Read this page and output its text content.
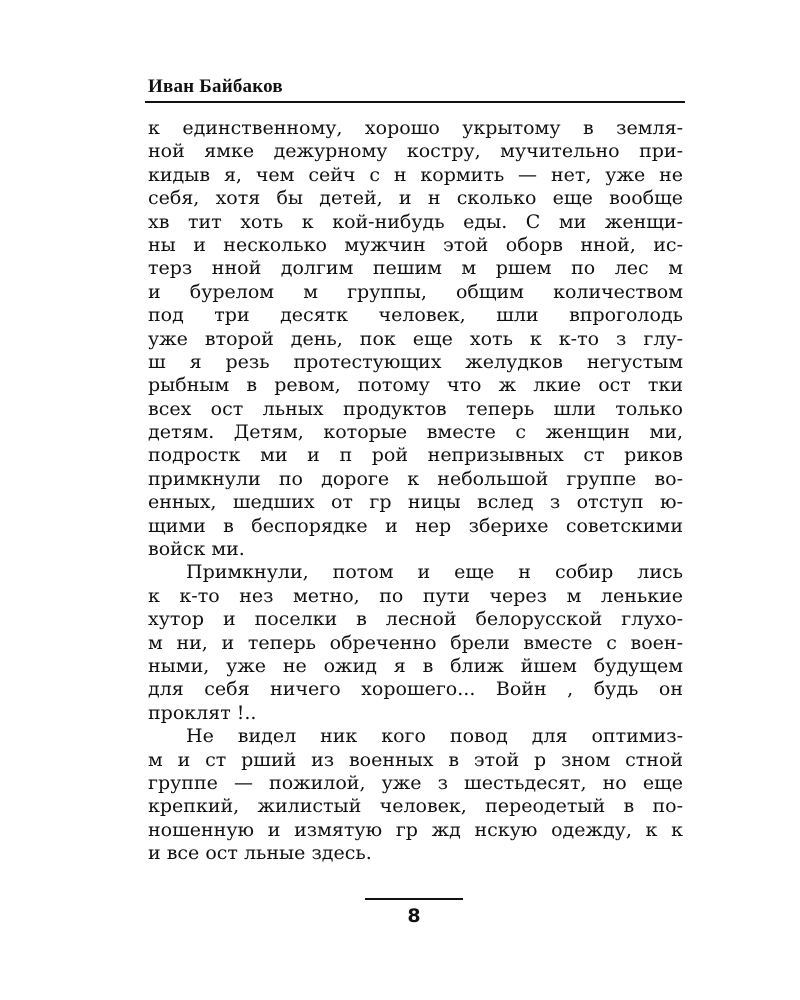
Иван Байбаков
к единственному, хорошо укрытому в земля-
ной ямке дежурному костру, мучительно при-
кидыв я, чем сейч с н кормить — нет, уже не
себя, хотя бы детей, и н сколько еще вообще
хв тит хоть к кой-нибудь еды. С ми женщи-
ны и несколько мужчин этой оборв нной, ис-
терз нной долгим пешим м ршем по лес м
и бурелом м группы, общим количеством
под три десятк человек, шли впроголодь
уже второй день, пок еще хоть к к-то з глу-
ш я резь протестующих желудков негустым
рыбным в ревом, потому что ж лкие ост тки
всех ост льных продуктов теперь шли только
детям. Детям, которые вместе с женщин ми,
подростк ми и п рой непризывных ст риков
примкнули по дороге к небольшой группе во-
енных, шедших от гр ницы вслед з отступ ю-
щими в беспорядке и нер зберихе советскими
войск ми.
Примкнули, потом и еще н собир лись
к к-то нез метно, по пути через м ленькие
хутор и поселки в лесной белорусской глухо-
м ни, и теперь обреченно брели вместе с воен-
ными, уже не ожид я в ближ йшем будущем
для себя ничего хорошего... Войн , будь он
проклят !..
Не видел ник кого повод для оптимиз-
м и ст рший из военных в этой р зном стной
группе — пожилой, уже з шестьдесят, но еще
крепкий, жилистый человек, переодетый в по-
ношенную и измятую гр жд нскую одежду, к к
и все ост льные здесь.
8
